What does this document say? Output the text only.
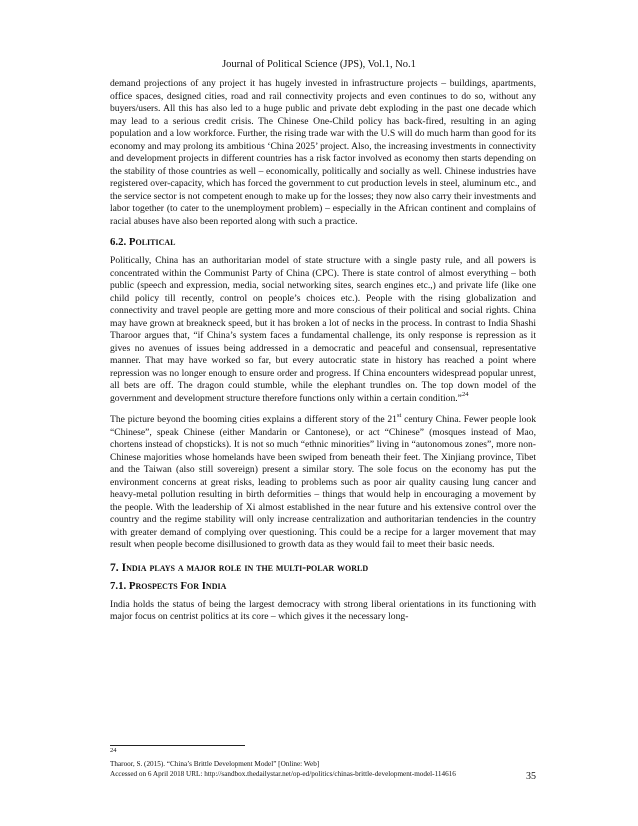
Journal of Political Science (JPS), Vol.1, No.1

demand projections of any project it has hugely invested in infrastructure projects – buildings, apartments, office spaces, designed cities, road and rail connectivity projects and even continues to do so, without any buyers/users. All this has also led to a huge public and private debt exploding in the past one decade which may lead to a serious credit crisis. The Chinese One-Child policy has back-fired, resulting in an aging population and a low workforce. Further, the rising trade war with the U.S will do much harm than good for its economy and may prolong its ambitious ‘China 2025’ project. Also, the increasing investments in connectivity and development projects in different countries has a risk factor involved as economy then starts depending on the stability of those countries as well – economically, politically and socially as well. Chinese industries have registered over-capacity, which has forced the government to cut production levels in steel, aluminum etc., and the service sector is not competent enough to make up for the losses; they now also carry their investments and labor together (to cater to the unemployment problem) – especially in the African continent and complains of racial abuses have also been reported along with such a practice.

6.2. Political

Politically, China has an authoritarian model of state structure with a single pasty rule, and all powers is concentrated within the Communist Party of China (CPC). There is state control of almost everything – both public (speech and expression, media, social networking sites, search engines etc.,) and private life (like one child policy till recently, control on people’s choices etc.). People with the rising globalization and connectivity and travel people are getting more and more conscious of their political and social rights. China may have grown at breakneck speed, but it has broken a lot of necks in the process. In contrast to India Shashi Tharoor argues that, “if China’s system faces a fundamental challenge, its only response is repression as it gives no avenues of issues being addressed in a democratic and peaceful and consensual, representative manner. That may have worked so far, but every autocratic state in history has reached a point where repression was no longer enough to ensure order and progress. If China encounters widespread popular unrest, all bets are off. The dragon could stumble, while the elephant trundles on. The top down model of the government and development structure therefore functions only within a certain condition.”$^{24}$

The picture beyond the booming cities explains a different story of the 21st century China. Fewer people look “Chinese”, speak Chinese (either Mandarin or Cantonese), or act “Chinese” (mosques instead of Mao, chortens instead of chopsticks). It is not so much “ethnic minorities” living in “autonomous zones”, more non-Chinese majorities whose homelands have been swiped from beneath their feet. The Xinjiang province, Tibet and the Taiwan (also still sovereign) present a similar story. The sole focus on the economy has put the environment concerns at great risks, leading to problems such as poor air quality causing lung cancer and heavy-metal pollution resulting in birth deformities – things that would help in encouraging a movement by the people. With the leadership of Xi almost established in the near future and his extensive control over the country and the regime stability will only increase centralization and authoritarian tendencies in the country with greater demand of complying over questioning. This could be a recipe for a larger movement that may result when people become disillusioned to growth data as they would fail to meet their basic needs.

7. India plays a major role in the multi-polar world
7.1. Prospects For India

India holds the status of being the largest democracy with strong liberal orientations in its functioning with major focus on centrist politics at its core – which gives it the necessary long-

$^{24}$
Tharoor, S. (2015). “China’s Brittle Development Model” [Online: Web]
Accessed on 6 April 2018 URL: http://sandbox.thedailystar.net/op-ed/politics/chinas-brittle-development-model-114616	35
